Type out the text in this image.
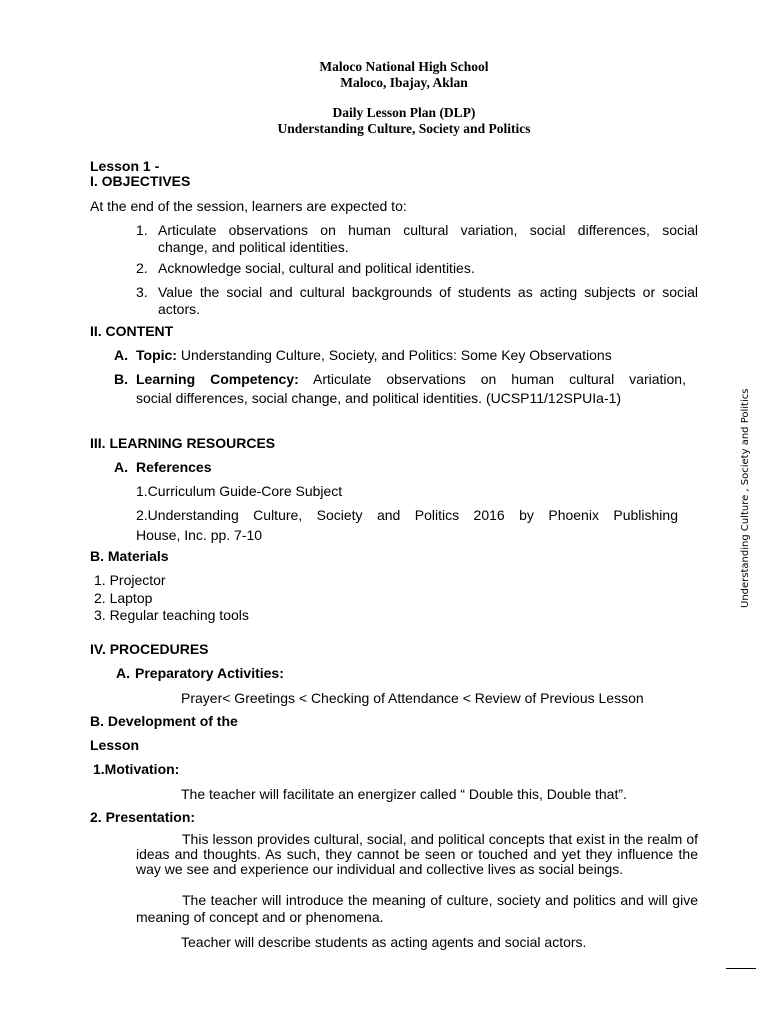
Maloco National High School
Maloco, Ibajay, Aklan
Daily Lesson Plan (DLP)
Understanding Culture, Society and Politics
Lesson 1 -
I. OBJECTIVES
At the end of the session, learners are expected to:
1. Articulate observations on human cultural variation, social differences, social
change, and political identities.
2. Acknowledge social, cultural and political identities.
3. Value the social and cultural backgrounds of students as acting subjects or social
actors.
II. CONTENT
A. Topic: Understanding Culture, Society, and Politics: Some Key Observations
B. Learning Competency: Articulate observations on human cultural variation,
social differences, social change, and political identities. (UCSP11/12SPUIa-1)
III. LEARNING RESOURCES
A. References
1.Curriculum Guide-Core Subject
2.Understanding Culture, Society and Politics 2016 by Phoenix Publishing
House, Inc. pp. 7-10
B. Materials
1. Projector
2. Laptop
3. Regular teaching tools
IV. PROCEDURES
A. Preparatory Activities:
Prayer< Greetings < Checking of Attendance < Review of Previous Lesson
B. Development of the
Lesson
1.Motivation:
The teacher will facilitate an energizer called “ Double this, Double that”.
2. Presentation:
This lesson provides cultural, social, and political concepts that exist in the realm of ideas and thoughts. As such, they cannot be seen or touched and yet they influence the way we see and experience our individual and collective lives as social beings.
The teacher will introduce the meaning of culture, society and politics and will give meaning of concept and or phenomena.
Teacher will describe students as acting agents and social actors.
Understanding Culture , Society and Politics
